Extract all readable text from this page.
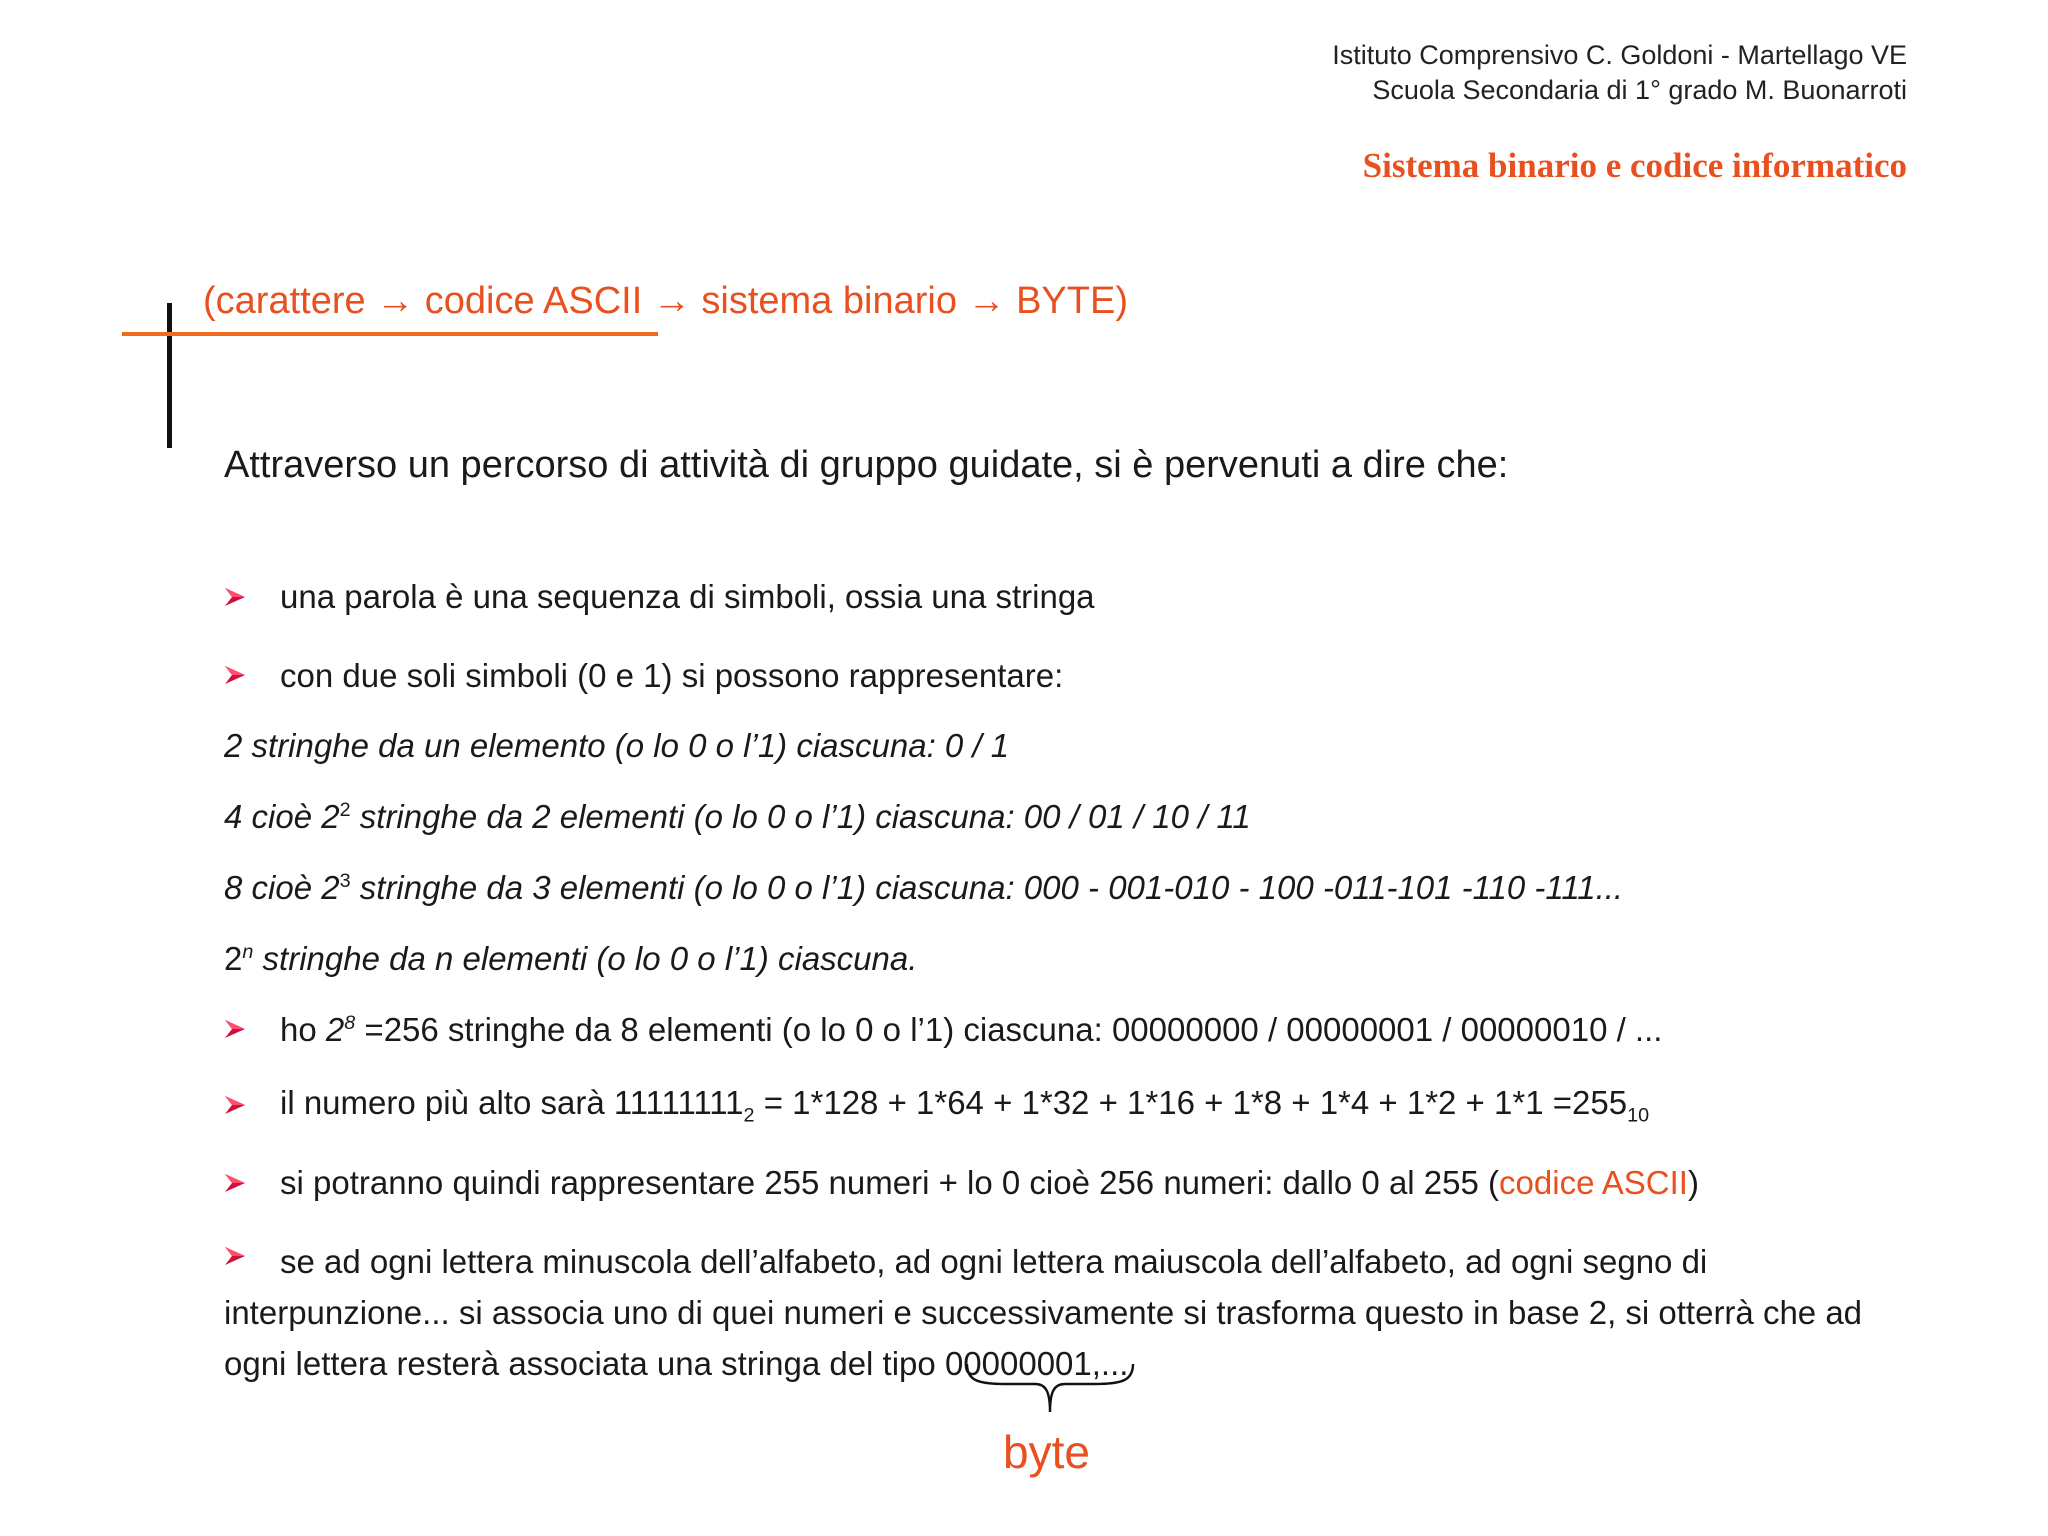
Istituto Comprensivo C. Goldoni - Martellago VE
Scuola Secondaria di 1° grado M. Buonarroti
Sistema binario e codice informatico
(carattere → codice ASCII → sistema binario → BYTE)
Attraverso un percorso di attività di gruppo guidate, si è pervenuti a dire che:
una parola è una sequenza di simboli, ossia una stringa
con due soli simboli (0 e 1) si possono rappresentare:
2 stringhe da un elemento (o lo 0 o l’1) ciascuna: 0 / 1
4 cioè $2^2$ stringhe da 2 elementi (o lo 0 o l’1) ciascuna: 00 / 01 / 10 / 11
8 cioè $2^3$ stringhe da 3 elementi (o lo 0 o l’1) ciascuna: 000 - 001-010 - 100 -011-101 -110 -111...
2$^n$ stringhe da n elementi (o lo 0 o l’1) ciascuna.
ho $2^8 =256$ stringhe da 8 elementi (o lo 0 o l’1) ciascuna: 00000000 / 00000001 / 00000010 / ...
il numero più alto sarà $11111111_2 = 1*128 + 1*64 + 1*32 + 1*16 + 1*8 + 1*4 + 1*2 + 1*1 =255_{10}$
si potranno quindi rappresentare 255 numeri + lo 0 cioè 256 numeri: dallo 0 al 255 (codice ASCII)
se ad ogni lettera minuscola dell’alfabeto, ad ogni lettera maiuscola dell’alfabeto, ad ogni segno di
interpunzione... si associa uno di quei numeri e successivamente si trasforma questo in base 2, si otterrà che ad
ogni lettera resterà associata una stringa del tipo 00000001,...
byte
